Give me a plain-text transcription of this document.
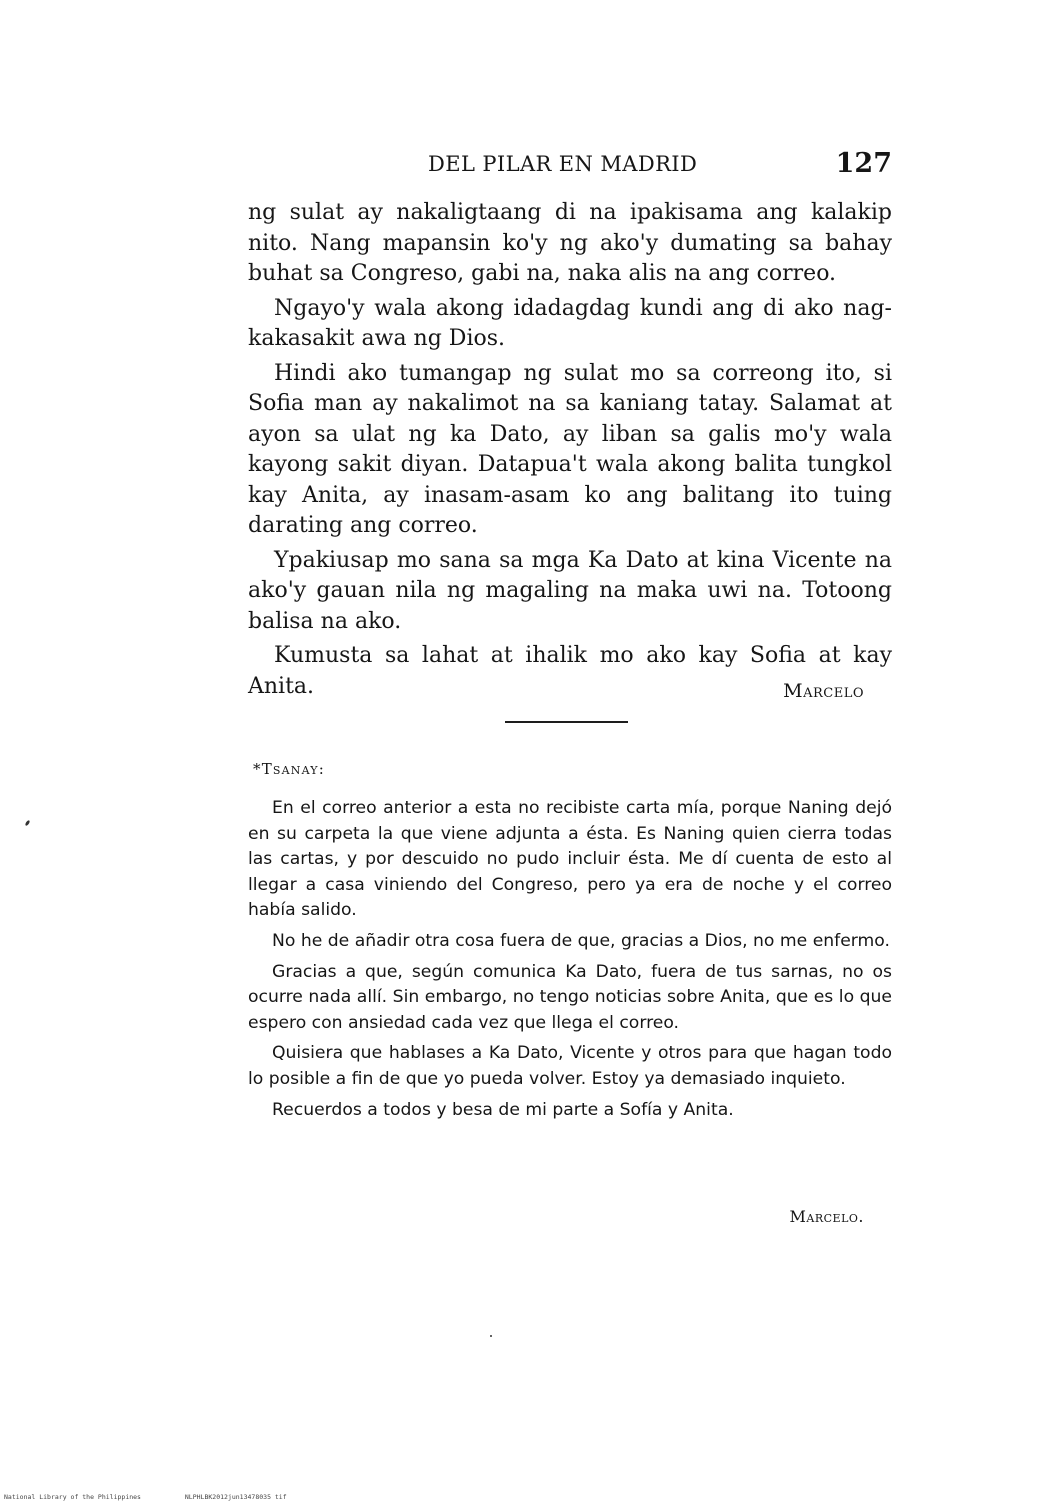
DEL PILAR EN MADRID	127

ng sulat ay nakaligtaang di na ipakisama ang kalakip nito. Nang mapansin ko'y ng ako'y dumating sa bahay buhat sa Congreso, gabi na, naka alis na ang correo.

Ngayo'y wala akong idadagdag kundi ang di ako nag-kakasakit awa ng Dios.

Hindi ako tumangap ng sulat mo sa correong ito, si Sofia man ay nakalimot na sa kaniang tatay. Salamat at ayon sa ulat ng ka Dato, ay liban sa galis mo'y wala kayong sakit diyan. Datapua't wala akong balita tungkol kay Anita, ay inasam-asam ko ang balitang ito tuing darating ang correo.

Ypakiusap mo sana sa mga Ka Dato at kina Vicente na ako'y gauan nila ng magaling na maka uwi na. Totoong balisa na ako.

Kumusta sa lahat at ihalik mo ako kay Sofia at kay Anita.	Marcelo
*Tsanay:

En el correo anterior a esta no recibiste carta mía, porque Naning dejó en su carpeta la que viene adjunta a ésta. Es Naning quien cierra todas las cartas, y por descuido no pudo incluir ésta. Me dí cuenta de esto al llegar a casa viniendo del Congreso, pero ya era de noche y el correo había salido.

No he de añadir otra cosa fuera de que, gracias a Dios, no me enfermo.

Gracias a que, según comunica Ka Dato, fuera de tus sarnas, no os ocurre nada allí. Sin embargo, no tengo noticias sobre Anita, que es lo que espero con ansiedad cada vez que llega el correo.

Quisiera que hablases a Ka Dato, Vicente y otros para que hagan todo lo posible a fin de que yo pueda volver. Estoy ya demasiado inquieto.

Recuerdos a todos y besa de mi parte a Sofía y Anita.

Marcelo.
National Library of the Philippines	NLPHLBK2012jun13478035 tif
